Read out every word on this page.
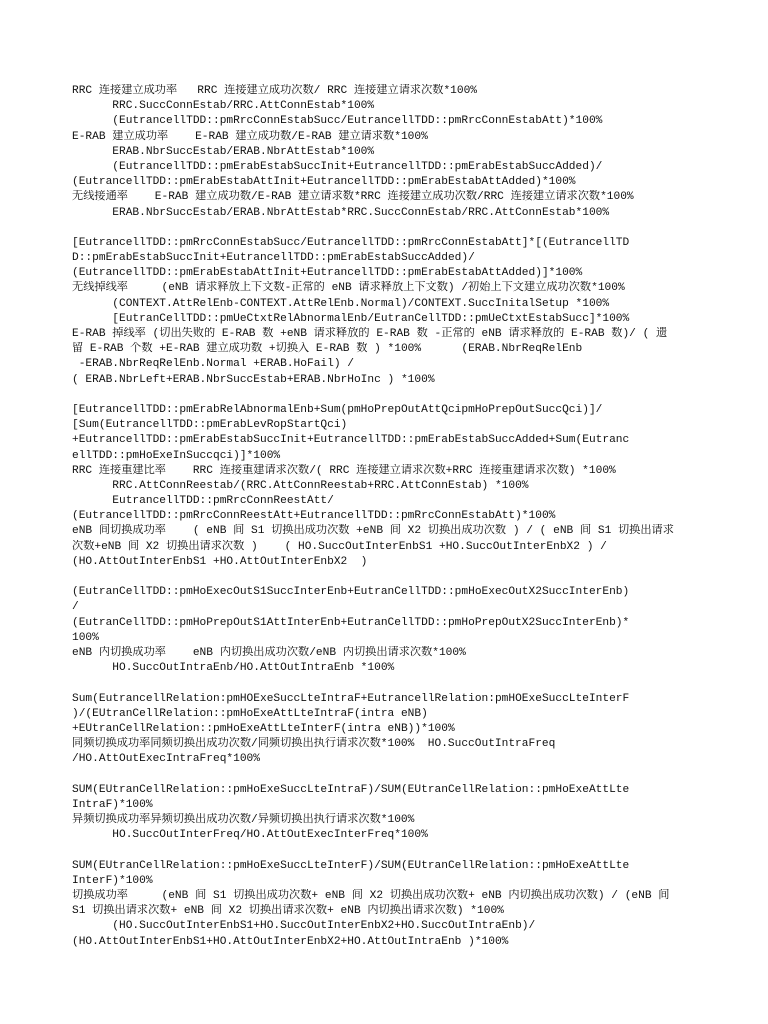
RRC 连接建立成功率   RRC 连接建立成功次数/ RRC 连接建立请求次数*100%
RRC.SuccConnEstab/RRC.AttConnEstab*100%
(EutrancellTDD::pmRrcConnEstabSucc/EutrancellTDD::pmRrcConnEstabAtt)*100%
E-RAB 建立成功率    E-RAB 建立成功数/E-RAB 建立请求数*100%
ERAB.NbrSuccEstab/ERAB.NbrAttEstab*100%
(EutrancellTDD::pmErabEstabSuccInit+EutrancellTDD::pmErabEstabSuccAdded)/
(EutrancellTDD::pmErabEstabAttInit+EutrancellTDD::pmErabEstabAttAdded)*100%
无线接通率    E-RAB 建立成功数/E-RAB 建立请求数*RRC 连接建立成功次数/RRC 连接建立请求次数*100%
ERAB.NbrSuccEstab/ERAB.NbrAttEstab*RRC.SuccConnEstab/RRC.AttConnEstab*100%
[EutrancellTDD::pmRrcConnEstabSucc/EutrancellTDD::pmRrcConnEstabAtt]*[(EutrancellTD
D::pmErabEstabSuccInit+EutrancellTDD::pmErabEstabSuccAdded)/
(EutrancellTDD::pmErabEstabAttInit+EutrancellTDD::pmErabEstabAttAdded)]*100%
无线掉线率     (eNB 请求释放上下文数-正常的 eNB 请求释放上下文数) /初始上下文建立成功次数*100%
(CONTEXT.AttRelEnb-CONTEXT.AttRelEnb.Normal)/CONTEXT.SuccInitalSetup *100%
[EutranCellTDD::pmUeCtxtRelAbnormalEnb/EutranCellTDD::pmUeCtxtEstabSucc]*100%
E-RAB 掉线率 (切出失败的 E-RAB 数 +eNB 请求释放的 E-RAB 数 -正常的 eNB 请求释放的 E-RAB 数)/ ( 遗
留 E-RAB 个数 +E-RAB 建立成功数 +切换入 E-RAB 数 ) *100%      (ERAB.NbrReqRelEnb
-ERAB.NbrReqRelEnb.Normal +ERAB.HoFail) /
( ERAB.NbrLeft+ERAB.NbrSuccEstab+ERAB.NbrHoInc ) *100%
[EutrancellTDD::pmErabRelAbnormalEnb+Sum(pmHoPrepOutAttQcipmHoPrepOutSuccQci)]/
[Sum(EutrancellTDD::pmErabLevRopStartQci)
+EutrancellTDD::pmErabEstabSuccInit+EutrancellTDD::pmErabEstabSuccAdded+Sum(Eutranc
ellTDD::pmHoExeInSuccqci)]*100%
RRC 连接重建比率    RRC 连接重建请求次数/( RRC 连接建立请求次数+RRC 连接重建请求次数) *100%
RRC.AttConnReestab/(RRC.AttConnReestab+RRC.AttConnEstab) *100%
EutrancellTDD::pmRrcConnReestAtt/
(EutrancellTDD::pmRrcConnReestAtt+EutrancellTDD::pmRrcConnEstabAtt)*100%
eNB 间切换成功率    ( eNB 间 S1 切换出成功次数 +eNB 间 X2 切换出成功次数 ) / ( eNB 间 S1 切换出请求
次数+eNB 间 X2 切换出请求次数 )    ( HO.SuccOutInterEnbS1 +HO.SuccOutInterEnbX2 ) /
(HO.AttOutInterEnbS1 +HO.AttOutInterEnbX2  )
(EutranCellTDD::pmHoExecOutS1SuccInterEnb+EutranCellTDD::pmHoExecOutX2SuccInterEnb)
/
(EutranCellTDD::pmHoPrepOutS1AttInterEnb+EutranCellTDD::pmHoPrepOutX2SuccInterEnb)*
100%
eNB 内切换成功率    eNB 内切换出成功次数/eNB 内切换出请求次数*100%
HO.SuccOutIntraEnb/HO.AttOutIntraEnb *100%
Sum(EutrancellRelation:pmHOExeSuccLteIntraF+EutrancellRelation:pmHOExeSuccLteInterF
)/(EUtranCellRelation::pmHoExeAttLteIntraF(intra eNB)
+EUtranCellRelation::pmHoExeAttLteInterF(intra eNB))*100%
同频切换成功率同频切换出成功次数/同频切换出执行请求次数*100%  HO.SuccOutIntraFreq
/HO.AttOutExecIntraFreq*100%
SUM(EUtranCellRelation::pmHoExeSuccLteIntraF)/SUM(EUtranCellRelation::pmHoExeAttLte
IntraF)*100%
异频切换成功率异频切换出成功次数/异频切换出执行请求次数*100%
HO.SuccOutInterFreq/HO.AttOutExecInterFreq*100%
SUM(EUtranCellRelation::pmHoExeSuccLteInterF)/SUM(EUtranCellRelation::pmHoExeAttLte
InterF)*100%
切换成功率     (eNB 间 S1 切换出成功次数+ eNB 间 X2 切换出成功次数+ eNB 内切换出成功次数) / (eNB 间
S1 切换出请求次数+ eNB 间 X2 切换出请求次数+ eNB 内切换出请求次数) *100%
(HO.SuccOutInterEnbS1+HO.SuccOutInterEnbX2+HO.SuccOutIntraEnb)/
(HO.AttOutInterEnbS1+HO.AttOutInterEnbX2+HO.AttOutIntraEnb )*100%
